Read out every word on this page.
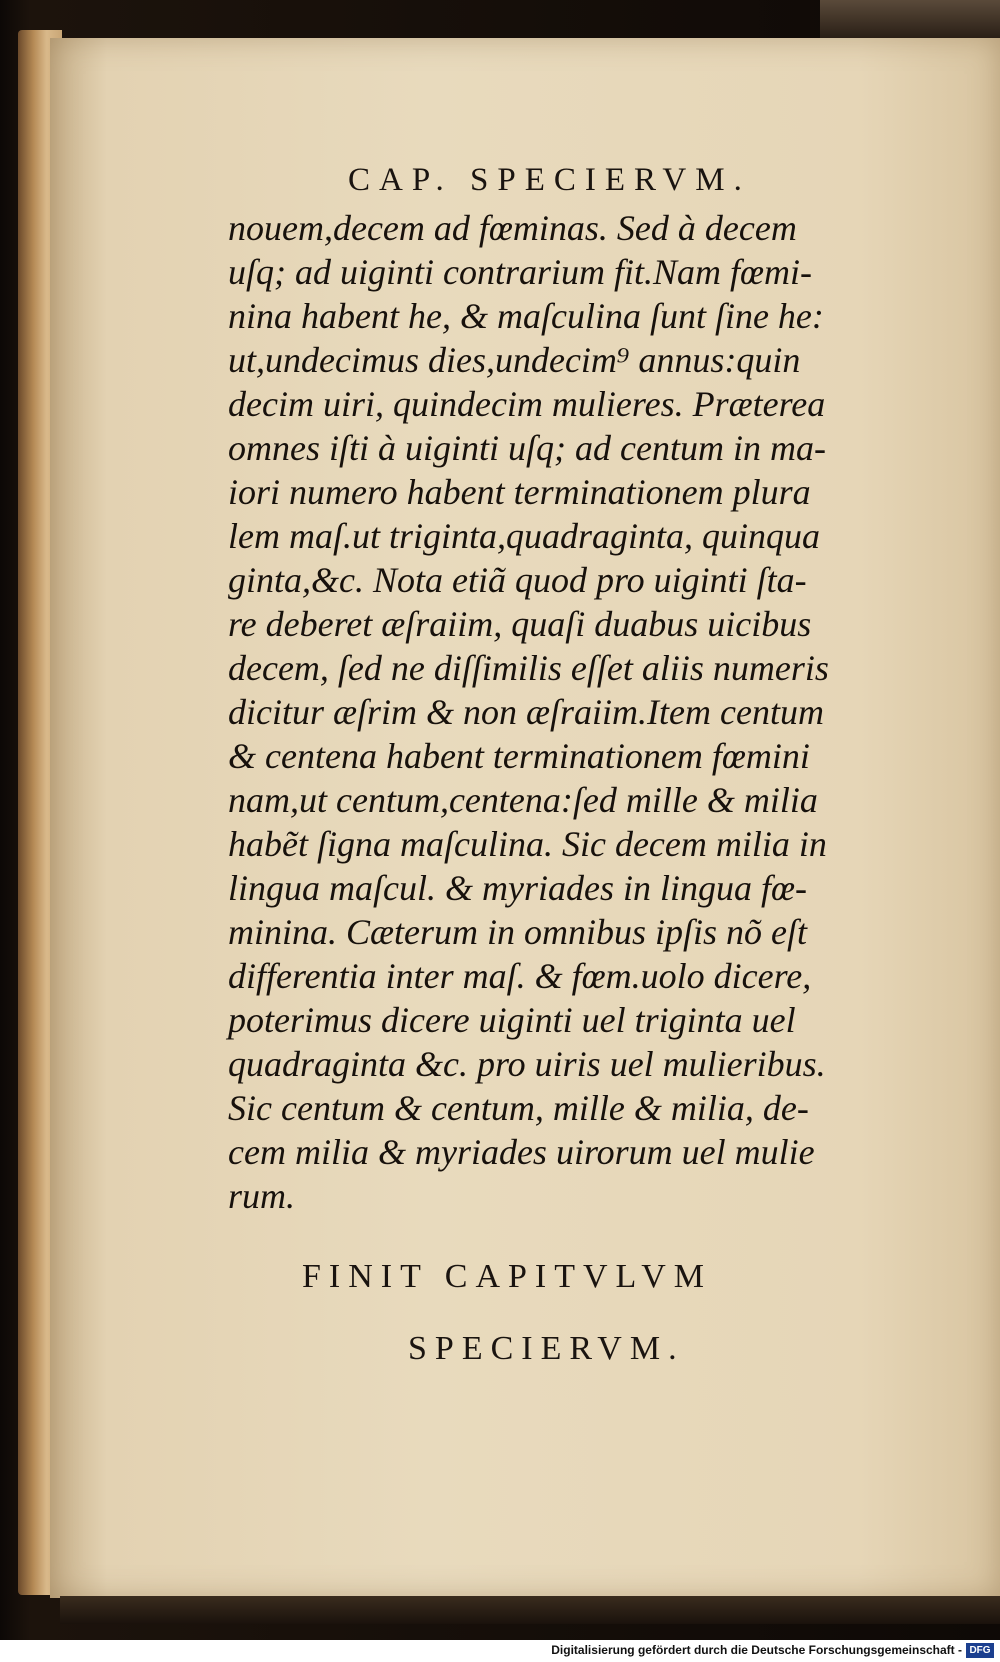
CAP. SPECIERVM.
nouem,decem ad fœminas. Sed à decem
uſq; ad uiginti contrarium fit.Nam fœmi-
nina habent he, & maſculina ſunt ſine he:
ut,undecimus dies,undecim⁹ annus:quin
decim uiri, quindecim mulieres. Præterea
omnes iſti à uiginti uſq; ad centum in ma-
iori numero habent terminationem plura
lem maſ.ut triginta,quadraginta, quinqua
ginta,&c. Nota etiã quod pro uiginti ſta-
re deberet æſraiim, quaſi duabus uicibus
decem, ſed ne diſſimilis eſſet aliis numeris
dicitur æſrim & non æſraiim.Item centum
& centena habent terminationem fœmini
nam,ut centum,centena:ſed mille & milia
habẽt ſigna maſculina. Sic decem milia in
lingua maſcul. & myriades in lingua fœ-
minina. Cæterum in omnibus ipſis nõ eſt
differentia inter maſ. & fœm.uolo dicere,
poterimus dicere uiginti uel triginta uel
quadraginta &c. pro uiris uel mulieribus.
Sic centum & centum, mille & milia, de-
cem milia & myriades uirorum uel mulie
rum.
FINIT CAPITVLVM
SPECIERVM.
Digitalisierung gefördert durch die Deutsche Forschungsgemeinschaft - DFG
